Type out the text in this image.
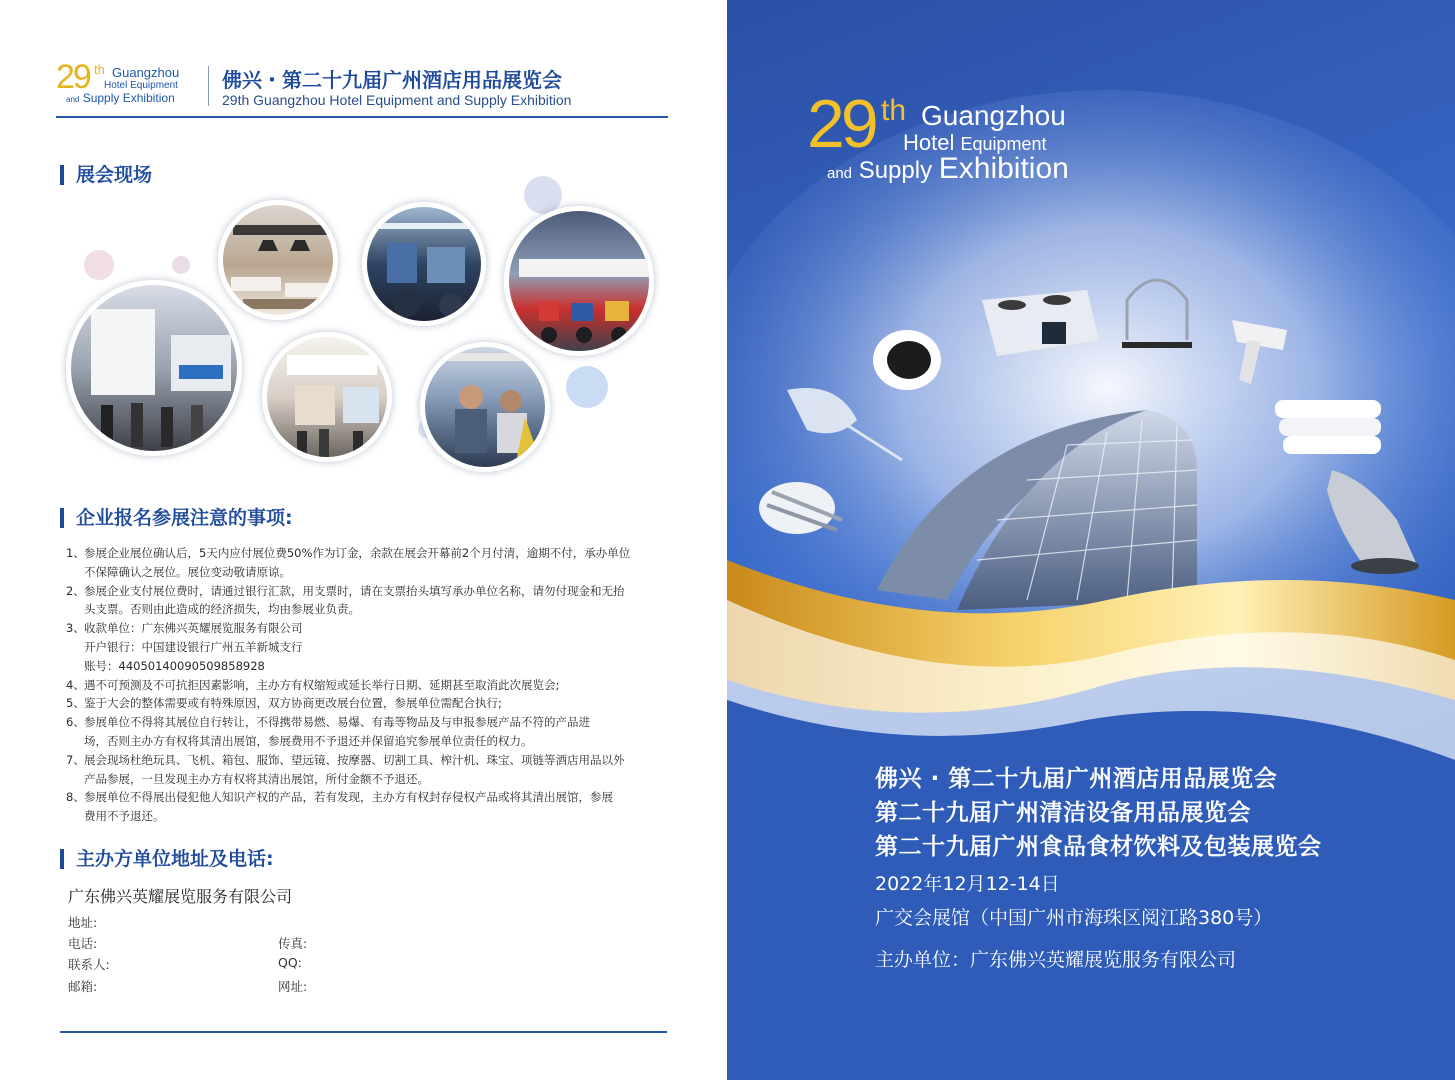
29 th Guangzhou
Hotel Equipment
and Supply Exhibition
佛兴・第二十九届广州酒店用品展览会
29th Guangzhou Hotel Equipment and Supply Exhibition
展会现场
企业报名参展注意的事项:
1、参展企业展位确认后，5天内应付展位费50%作为订金，余款在展会开幕前2个月付清，逾期不付，承办单位
不保障确认之展位。展位变动敬请原谅。
2、参展企业支付展位费时，请通过银行汇款，用支票时，请在支票抬头填写承办单位名称，请勿付现金和无抬
头支票。否则由此造成的经济损失，均由参展业负责。
3、收款单位：广东佛兴英耀展览服务有限公司
开户银行：中国建设银行广州五羊新城支行
账号：44050140090509858928
4、遇不可预测及不可抗拒因素影响，主办方有权缩短或延长举行日期、延期甚至取消此次展览会;
5、鉴于大会的整体需要或有特殊原因，双方协商更改展台位置，参展单位需配合执行;
6、参展单位不得将其展位自行转让，不得携带易燃、易爆、有毒等物品及与申报参展产品不符的产品进
场，否则主办方有权将其清出展馆，参展费用不予退还并保留追究参展单位责任的权力。
7、展会现场杜绝玩具、飞机、箱包、服饰、望远镜、按摩器、切割工具、榨汁机、珠宝、项链等酒店用品以外
产品参展，一旦发现主办方有权将其清出展馆，所付金额不予退还。
8、参展单位不得展出侵犯他人知识产权的产品，若有发现，主办方有权封存侵权产品或将其清出展馆，参展
费用不予退还。
主办方单位地址及电话:
广东佛兴英耀展览服务有限公司
地址:
电话:	传真:
联系人:	QQ:
邮箱:	网址:
29 th Guangzhou
Hotel Equipment
and Supply Exhibition
佛兴 · 第二十九届广州酒店用品展览会
第二十九届广州清洁设备用品展览会
第二十九届广州食品食材饮料及包装展览会
2022年12月12-14日
广交会展馆（中国广州市海珠区阅江路380号）
主办单位：广东佛兴英耀展览服务有限公司
